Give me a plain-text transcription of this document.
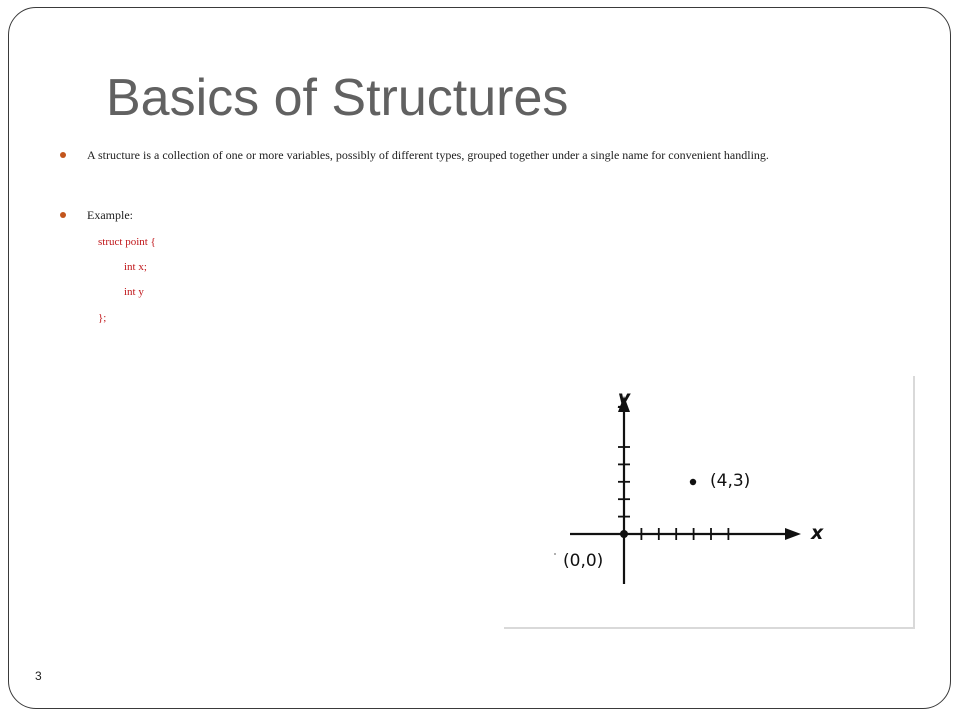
Basics of Structures
A structure is a collection of one or more variables, possibly of different types, grouped together under a single name for convenient handling.
Example:
struct point {
int x;
int y
};
y
x
(4,3)
(0,0)
3
